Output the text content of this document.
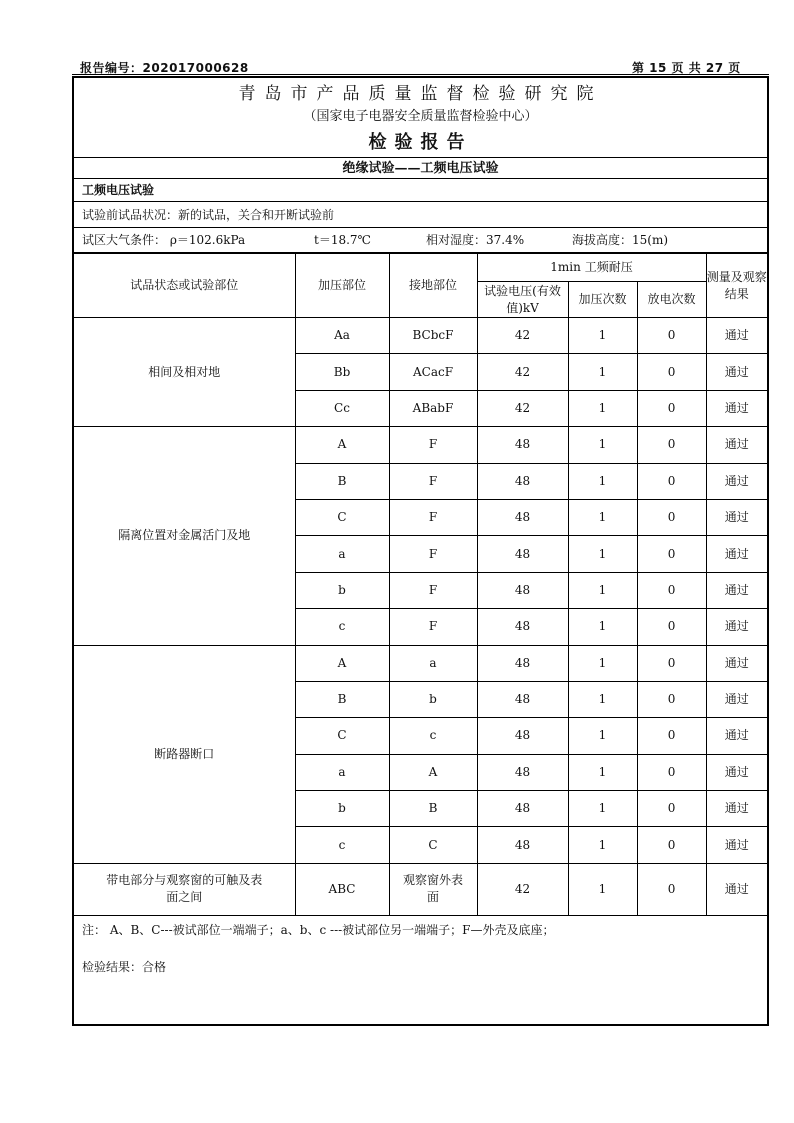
报告编号：202017000628	第 15 页 共 27 页
青岛市产品质量监督检验研究院
（国家电子电器安全质量监督检验中心）
检验报告
绝缘试验——工频电压试验
工频电压试验
试验前试品状况：新的试品，关合和开断试验前
试区大气条件： ρ＝102.6kPa	t＝18.7℃	相对湿度：37.4%	海拔高度：15(m)
试品状态或试验部位	加压部位	接地部位	1min 工频耐压			测量及观察结果
			试验电压(有效值)kV	加压次数	放电次数	
相间及相对地	Aa	BCbcF	42	1	0	通过
	Bb	ACacF	42	1	0	通过
	Cc	ABabF	42	1	0	通过
隔离位置对金属活门及地	A	F	48	1	0	通过
	B	F	48	1	0	通过
	C	F	48	1	0	通过
	a	F	48	1	0	通过
	b	F	48	1	0	通过
	c	F	48	1	0	通过
断路器断口	A	a	48	1	0	通过
	B	b	48	1	0	通过
	C	c	48	1	0	通过
	a	A	48	1	0	通过
	b	B	48	1	0	通过
	c	C	48	1	0	通过
带电部分与观察窗的可触及表面之间	ABC	观察窗外表面	42	1	0	通过
注： A、B、C---被试部位一端端子；a、b、c ---被试部位另一端端子；F—外壳及底座；
检验结果：合格
